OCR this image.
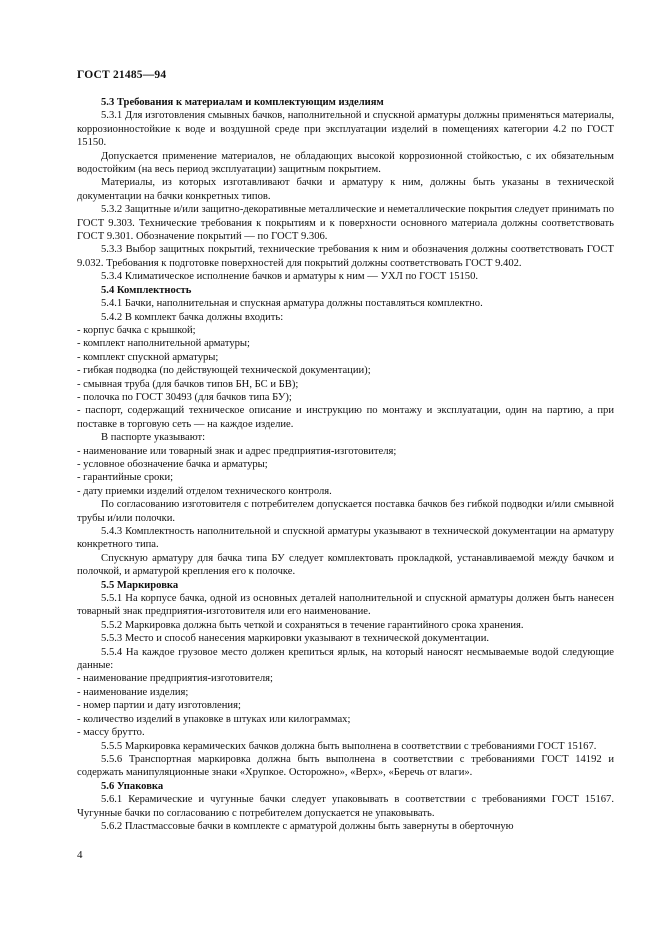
ГОСТ 21485—94

5.3 Требования к материалам и комплектующим изделиям

5.3.1 Для изготовления смывных бачков, наполнительной и спускной арматуры должны применяться материалы, коррозионностойкие к воде и воздушной среде при эксплуатации изделий в помещениях категории 4.2 по ГОСТ 15150.

Допускается применение материалов, не обладающих высокой коррозионной стойкостью, с их обязательным водостойким (на весь период эксплуатации) защитным покрытием.

Материалы, из которых изготавливают бачки и арматуру к ним, должны быть указаны в технической документации на бачки конкретных типов.

5.3.2 Защитные и/или защитно-декоративные металлические и неметаллические покрытия следует принимать по ГОСТ 9.303. Технические требования к покрытиям и к поверхности основного материала должны соответствовать ГОСТ 9.301. Обозначение покрытий — по ГОСТ 9.306.

5.3.3 Выбор защитных покрытий, технические требования к ним и обозначения должны соответствовать ГОСТ 9.032. Требования к подготовке поверхностей для покрытий должны соответствовать ГОСТ 9.402.

5.3.4 Климатическое исполнение бачков и арматуры к ним — УХЛ по ГОСТ 15150.

5.4 Комплектность

5.4.1 Бачки, наполнительная и спускная арматура должны поставляться комплектно.

5.4.2 В комплект бачка должны входить:

- корпус бачка с крышкой;

- комплект наполнительной арматуры;

- комплект спускной арматуры;

- гибкая подводка (по действующей технической документации);

- смывная труба (для бачков типов БН, БС и БВ);

- полочка по ГОСТ 30493 (для бачков типа БУ);

- паспорт, содержащий техническое описание и инструкцию по монтажу и эксплуатации, один на партию, а при поставке в торговую сеть — на каждое изделие.

В паспорте указывают:

- наименование или товарный знак и адрес предприятия-изготовителя;

- условное обозначение бачка и арматуры;

- гарантийные сроки;

- дату приемки изделий отделом технического контроля.

По согласованию изготовителя с потребителем допускается поставка бачков без гибкой подводки и/или смывной трубы и/или полочки.

5.4.3 Комплектность наполнительной и спускной арматуры указывают в технической документации на арматуру конкретного типа.

Спускную арматуру для бачка типа БУ следует комплектовать прокладкой, устанавливаемой между бачком и полочкой, и арматурой крепления его к полочке.

5.5 Маркировка

5.5.1 На корпусе бачка, одной из основных деталей наполнительной и спускной арматуры должен быть нанесен товарный знак предприятия-изготовителя или его наименование.

5.5.2 Маркировка должна быть четкой и сохраняться в течение гарантийного срока хранения.

5.5.3 Место и способ нанесения маркировки указывают в технической документации.

5.5.4 На каждое грузовое место должен крепиться ярлык, на который наносят несмываемые водой следующие данные:

- наименование предприятия-изготовителя;

- наименование изделия;

- номер партии и дату изготовления;

- количество изделий в упаковке в штуках или килограммах;

- массу брутто.

5.5.5 Маркировка керамических бачков должна быть выполнена в соответствии с требованиями ГОСТ 15167.

5.5.6 Транспортная маркировка должна быть выполнена в соответствии с требованиями ГОСТ 14192 и содержать манипуляционные знаки «Хрупкое. Осторожно», «Верх», «Беречь от влаги».

5.6 Упаковка

5.6.1 Керамические и чугунные бачки следует упаковывать в соответствии с требованиями ГОСТ 15167. Чугунные бачки по согласованию с потребителем допускается не упаковывать.

5.6.2 Пластмассовые бачки в комплекте с арматурой должны быть завернуты в оберточную

4
